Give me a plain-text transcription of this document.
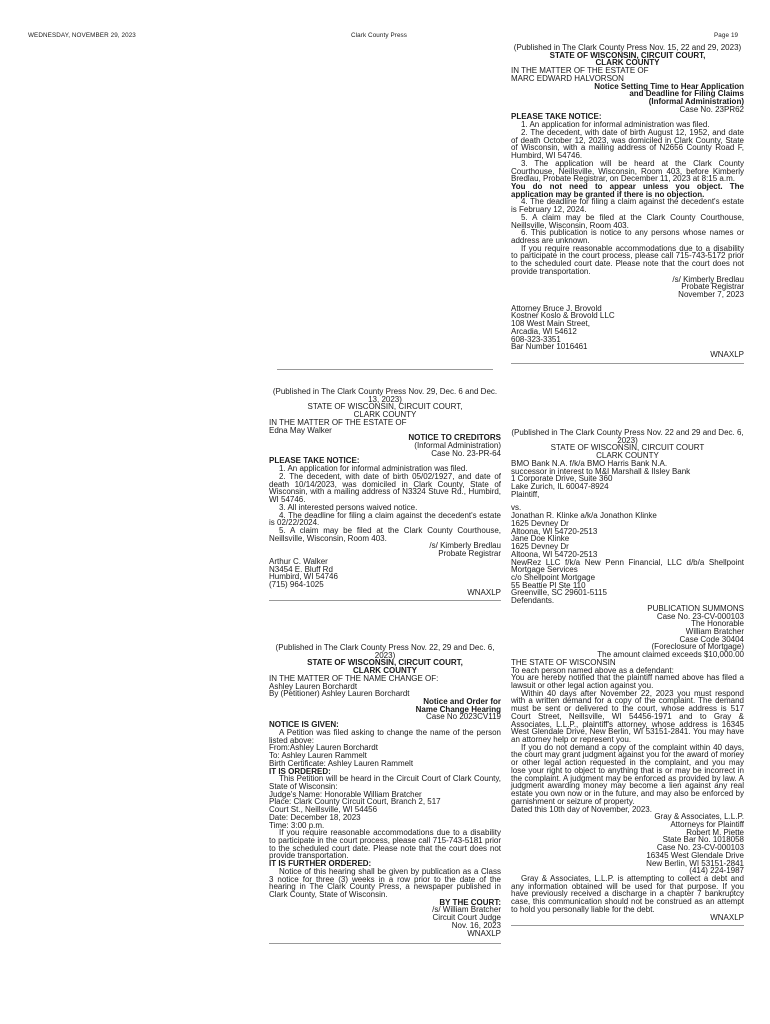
WEDNESDAY, NOVEMBER 29, 2023	Clark County Press	Page 19

(Published in The Clark County Press Nov. 15, 22 and 29, 2023)

STATE OF WISCONSIN, CIRCUIT COURT,

CLARK COUNTY

IN THE MATTER OF THE ESTATE OF

MARC EDWARD HALVORSON

Notice Setting Time to Hear Application

and Deadline for Filing Claims

(Informal Administration)

Case No. 23PR62

PLEASE TAKE NOTICE:

1. An application for informal administration was filed.

2. The decedent, with date of birth August 12, 1952, and date of death October 12, 2023, was domiciled in Clark County, State of Wisconsin, with a mailing address of N2656 County Road F, Humbird, WI 54746.

3. The application will be heard at the Clark County Courthouse, Neillsville, Wisconsin, Room 403, before Kimberly Bredlau, Probate Registrar, on December 11, 2023 at 8:15 a.m.

You do not need to appear unless you object. The application may be granted if there is no objection.

4. The deadline for filing a claim against the decedent's estate is February 12, 2024.

5. A claim may be filed at the Clark County Courthouse, Neillsville, Wisconsin, Room 403.

6. This publication is notice to any persons whose names or address are unknown.

If you require reasonable accommodations due to a disability to participate in the court process, please call 715-743-5172 prior to the scheduled court date. Please note that the court does not provide transportation.

/s/ Kimberly Bredlau

Probate Registrar

November 7, 2023

Attorney Bruce J. Brovold

Kostner Koslo & Brovold LLC

108 West Main Street,

Arcadia, WI 54612

608-323-3351

Bar Number 1016461

WNAXLP

(Published in The Clark County Press Nov. 29, Dec. 6 and Dec. 13, 2023)

STATE OF WISCONSIN, CIRCUIT COURT,

CLARK COUNTY

IN THE MATTER OF THE ESTATE OF

Edna May Walker

NOTICE TO CREDITORS

(Informal Administration)

Case No. 23-PR-64

PLEASE TAKE NOTICE:

1. An application for informal administration was filed.

2. The decedent, with date of birth 05/02/1927, and date of death 10/14/2023, was domiciled in Clark County, State of Wisconsin, with a mailing address of N3324 Stuve Rd., Humbird, WI 54746.

3. All interested persons waived notice.

4. The deadline for filing a claim against the decedent's estate is 02/22/2024.

5. A claim may be filed at the Clark County Courthouse, Neillsville, Wisconsin, Room 403.

/s/ Kimberly Bredlau

Probate Registrar

Arthur C. Walker

N3454 E. Bluff Rd

Humbird, WI 54746

(715) 964-1025

WNAXLP

(Published in The Clark County Press Nov. 22, 29 and Dec. 6, 2023)

STATE OF WISCONSIN, CIRCUIT COURT,

CLARK COUNTY

IN THE MATTER OF THE NAME CHANGE OF:

Ashley Lauren Borchardt

By (Petitioner) Ashley Lauren Borchardt

Notice and Order for

Name Change Hearing

Case No 2023CV119

NOTICE IS GIVEN:

A Petition was filed asking to change the name of the person listed above:

From:Ashley Lauren Borchardt

To: Ashley Lauren Rammelt

Birth Certificate: Ashley Lauren Rammelt

IT IS ORDERED:

This Petition will be heard in the Circuit Court of Clark County, State of Wisconsin:

Judge's Name: Honorable William Bratcher

Place: Clark County Circuit Court, Branch 2, 517

Court St., Neillsville, WI 54456

Date: December 18, 2023

Time: 3:00 p.m.

If you require reasonable accommodations due to a disability to participate in the court process, please call 715-743-5181 prior to the scheduled court date. Please note that the court does not provide transportation.

IT IS FURTHER ORDERED:

Notice of this hearing shall be given by publication as a Class 3 notice for three (3) weeks in a row prior to the date of the hearing in The Clark County Press, a newspaper published in Clark County, State of Wisconsin.

BY THE COURT:

/s/ William Bratcher

Circuit Court Judge

Nov. 16, 2023

WNAXLP

(Published in The Clark County Press Nov. 22 and 29 and Dec. 6, 2023)

STATE OF WISCONSIN, CIRCUIT COURT

CLARK COUNTY

BMO Bank N.A. f/k/a BMO Harris Bank N.A.

successor in interest to M&I Marshall & Ilsley Bank

1 Corporate Drive, Suite 360

Lake Zurich, IL 60047-8924

Plaintiff,

vs.

Jonathan R. Klinke a/k/a Jonathon Klinke

1625 Devney Dr

Altoona, WI 54720-2513

Jane Doe Klinke

1625 Devney Dr

Altoona, WI 54720-2513

NewRez LLC f/k/a New Penn Financial, LLC d/b/a Shellpoint Mortgage Services

c/o Shellpoint Mortgage

55 Beattie Pl Ste 110

Greenville, SC 29601-5115

Defendants.

PUBLICATION SUMMONS

Case No. 23-CV-000103

The Honorable

William Bratcher

Case Code 30404

(Foreclosure of Mortgage)

The amount claimed exceeds $10,000.00

THE STATE OF WISCONSIN

To each person named above as a defendant:

You are hereby notified that the plaintiff named above has filed a lawsuit or other legal action against you.

Within 40 days after November 22, 2023 you must respond with a written demand for a copy of the complaint. The demand must be sent or delivered to the court, whose address is 517 Court Street, Neillsville, WI 54456-1971 and to Gray & Associates, L.L.P., plaintiff's attorney, whose address is 16345 West Glendale Drive, New Berlin, WI 53151-2841. You may have an attorney help or represent you.

If you do not demand a copy of the complaint within 40 days, the court may grant judgment against you for the award of money or other legal action requested in the complaint, and you may lose your right to object to anything that is or may be incorrect in the complaint. A judgment may be enforced as provided by law. A judgment awarding money may become a lien against any real estate you own now or in the future, and may also be enforced by garnishment or seizure of property.

Dated this 10th day of November, 2023.

Gray & Associates, L.L.P.

Attorneys for Plaintiff

Robert M. Piette

State Bar No. 1018058

Case No. 23-CV-000103

16345 West Glendale Drive

New Berlin, WI 53151-2841

(414) 224-1987

Gray & Associates, L.L.P. is attempting to collect a debt and any information obtained will be used for that purpose. If you have previously received a discharge in a chapter 7 bankruptcy case, this communication should not be construed as an attempt to hold you personally liable for the debt.

WNAXLP
